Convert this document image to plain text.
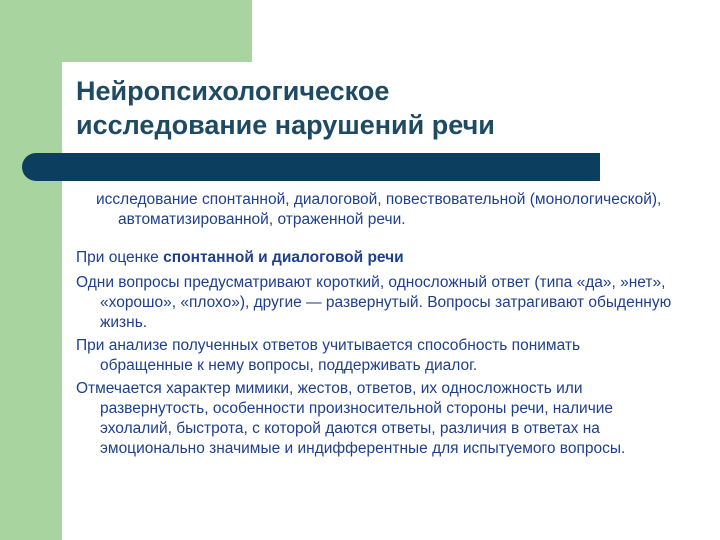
Нейропсихологическое
исследование нарушений речи

исследование спонтанной, диалоговой, повествовательной (монологической), автоматизированной, отраженной речи.

При оценке спонтанной и диалоговой речи

Одни вопросы предусматривают короткий, односложный ответ (типа «да», »нет», «хорошо», «плохо»), другие — развернутый. Вопросы затрагивают обыденную жизнь.

При анализе полученных ответов учитывается способность понимать обращенные к нему вопросы, поддерживать диалог.

Отмечается характер мимики, жестов, ответов, их односложность или развернутость, особенности произносительной стороны речи, наличие эхолалий, быстрота, с которой даются ответы, различия в ответах на эмоционально значимые и индифферентные для испытуемого вопросы.
